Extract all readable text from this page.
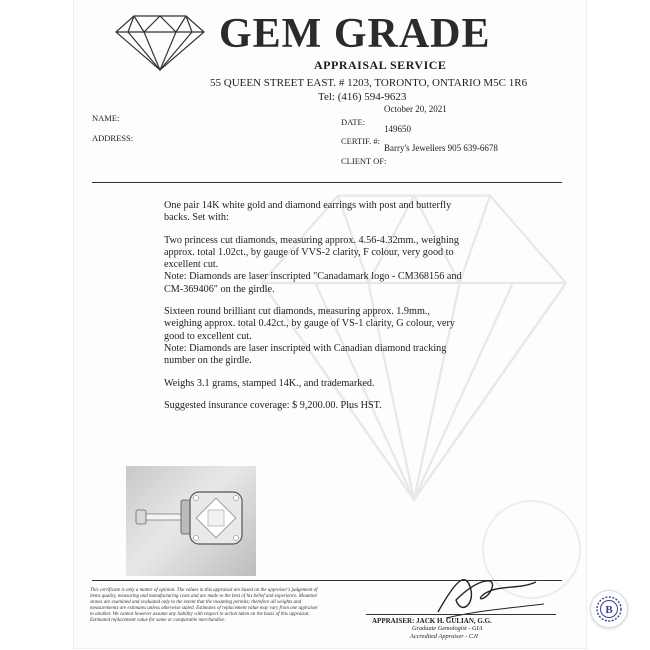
GEM GRADE
APPRAISAL SERVICE
55 QUEEN STREET EAST. # 1203, TORONTO, ONTARIO M5C 1R6
Tel: (416) 594-9623
October 20, 2021
NAME:	DATE:
ADDRESS:
149650
CERTIF. #:
Barry's Jewellers 905 639-6678
CLIENT OF:

One pair 14K white gold and diamond earrings with post and butterfly backs. Set with:

Two princess cut diamonds, measuring approx. 4.56-4.32mm., weighing approx. total 1.02ct., by gauge of VVS-2 clarity, F colour, very good to excellent cut.

Note: Diamonds are laser inscripted "Canadamark logo - CM368156 and CM-369406" on the girdle.

Sixteen round brilliant cut diamonds, measuring approx. 1.9mm., weighing approx. total 0.42ct., by gauge of VS-1 clarity, G colour, very good to excellent cut.

Note: Diamonds are laser inscripted with Canadian diamond tracking number on the girdle.

Weighs 3.1 grams, stamped 14K., and trademarked.

Suggested insurance coverage: $ 9,200.00. Plus HST.

This certificate is only a matter of opinion. The values in this appraisal are based on the appraiser's judgement of items quality, measuring and manufacturing costs and are made to the best of his belief and experience. Mounted stones are examined and evaluated only to the extent that the mounting permits; therefore all weights and measurements are estimates unless otherwise stated. Estimates of replacement value may vary from one appraiser to another. We cannot however assume any liability with respect to action taken on the basis of this appraisal. Estimated replacement value for same or comparable merchandise.	APPRAISER: JACK H. GULIAN, G.G.
Graduate Gemologist - GIA
Accredited Appraiser - CJI
B
